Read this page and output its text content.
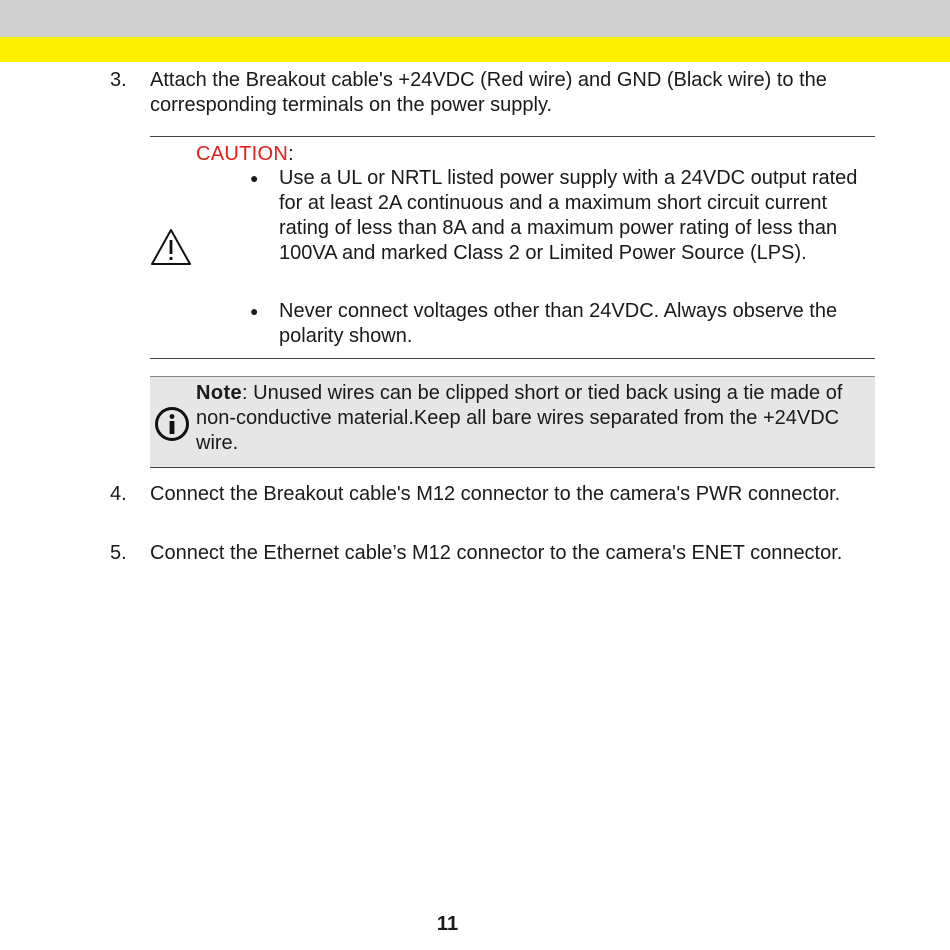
3.	Attach the Breakout cable's +24VDC (Red wire) and GND (Black wire) to the corresponding terminals on the power supply.
CAUTION:
● Use a UL or NRTL listed power supply with a 24VDC output rated for at least 2A continuous and a maximum short circuit current rating of less than 8A and a maximum power rating of less than 100VA and marked Class 2 or Limited Power Source (LPS).
● Never connect voltages other than 24VDC. Always observe the polarity shown.
Note: Unused wires can be clipped short or tied back using a tie made of non-conductive material.Keep all bare wires separated from the +24VDC wire.
4.	Connect the Breakout cable's M12 connector to the camera's PWR connector.
5.	Connect the Ethernet cable’s M12 connector to the camera's ENET connector.
11
